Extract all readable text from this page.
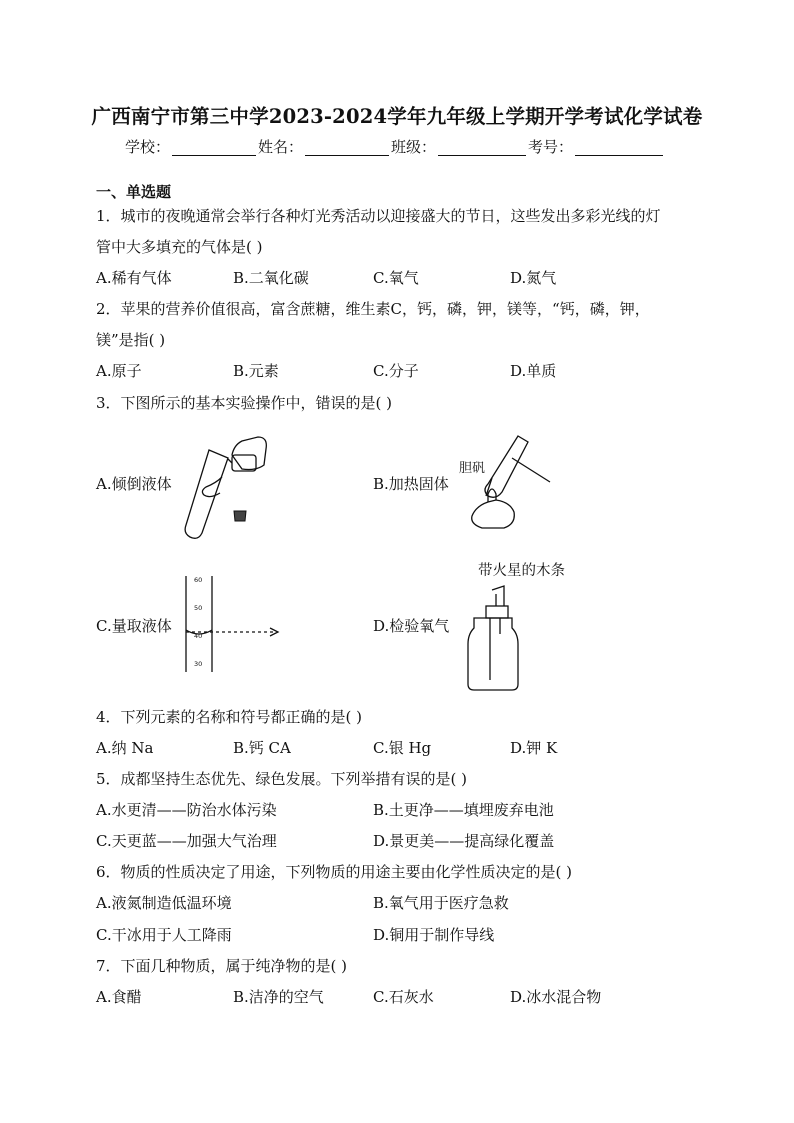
广西南宁市第三中学2023-2024学年九年级上学期开学考试化学试卷
学校：	姓名：	班级：	考号：
一、单选题
1．城市的夜晚通常会举行各种灯光秀活动以迎接盛大的节日，这些发出多彩光线的灯
管中大多填充的气体是( )
A.稀有气体	B.二氧化碳	C.氧气	D.氮气
2．苹果的营养价值很高，富含蔗糖，维生素C，钙，磷，钾，镁等，“钙，磷，钾，
镁”是指( )
A.原子	B.元素	C.分子	D.单质
3．下图所示的基本实验操作中，错误的是( )
A.倾倒液体	B.加热固体
胆矾
带火星的木条
C.量取液体
60
50
40
30
D.检验氧气
4．下列元素的名称和符号都正确的是( )
A.纳 Na	B.钙 CA	C.银 Hg	D.钾 K
5．成都坚持生态优先、绿色发展。下列举措有误的是( )
A.水更清——防治水体污染	B.土更净——填埋废弃电池
C.天更蓝——加强大气治理	D.景更美——提高绿化覆盖
6．物质的性质决定了用途，下列物质的用途主要由化学性质决定的是( )
A.液氮制造低温环境	B.氧气用于医疗急救
C.干冰用于人工降雨	D.铜用于制作导线
7．下面几种物质，属于纯净物的是( )
A.食醋	B.洁净的空气	C.石灰水	D.冰水混合物
